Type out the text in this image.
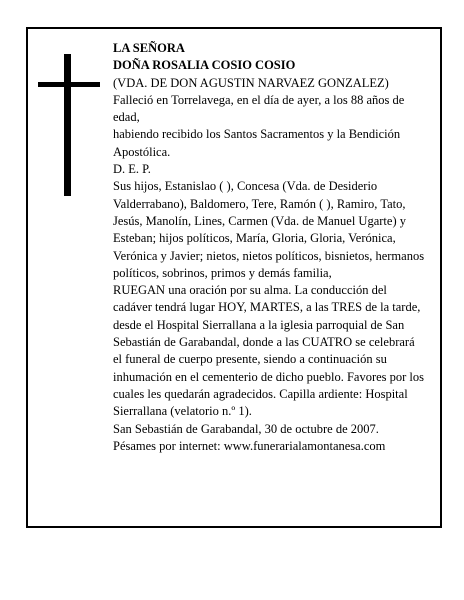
LA SEÑORA

DOÑA ROSALIA COSIO COSIO

(VDA. DE DON AGUSTIN NARVAEZ GONZALEZ)

Falleció en Torrelavega, en el día de ayer, a los 88 años de edad,

habiendo recibido los Santos Sacramentos y la Bendición Apostólica.

D. E. P.

Sus hijos, Estanislao ( ), Concesa (Vda. de Desiderio Valderrabano), Baldomero, Tere, Ramón ( ), Ramiro, Tato, Jesús, Manolín, Lines, Carmen (Vda. de Manuel Ugarte) y Esteban; hijos políticos, María, Gloria, Gloria, Verónica, Verónica y Javier; nietos, nietos políticos, bisnietos, hermanos políticos, sobrinos, primos y demás familia,

RUEGAN una oración por su alma. La conducción del cadáver tendrá lugar HOY, MARTES, a las TRES de la tarde, desde el Hospital Sierrallana a la iglesia parroquial de San Sebastián de Garabandal, donde a las CUATRO se celebrará el funeral de cuerpo presente, siendo a continuación su inhumación en el cementerio de dicho pueblo. Favores por los cuales les quedarán agradecidos. Capilla ardiente: Hospital Sierrallana (velatorio n.º 1).

San Sebastián de Garabandal, 30 de octubre de 2007.

Pésames por internet: www.funerarialamontanesa.com
